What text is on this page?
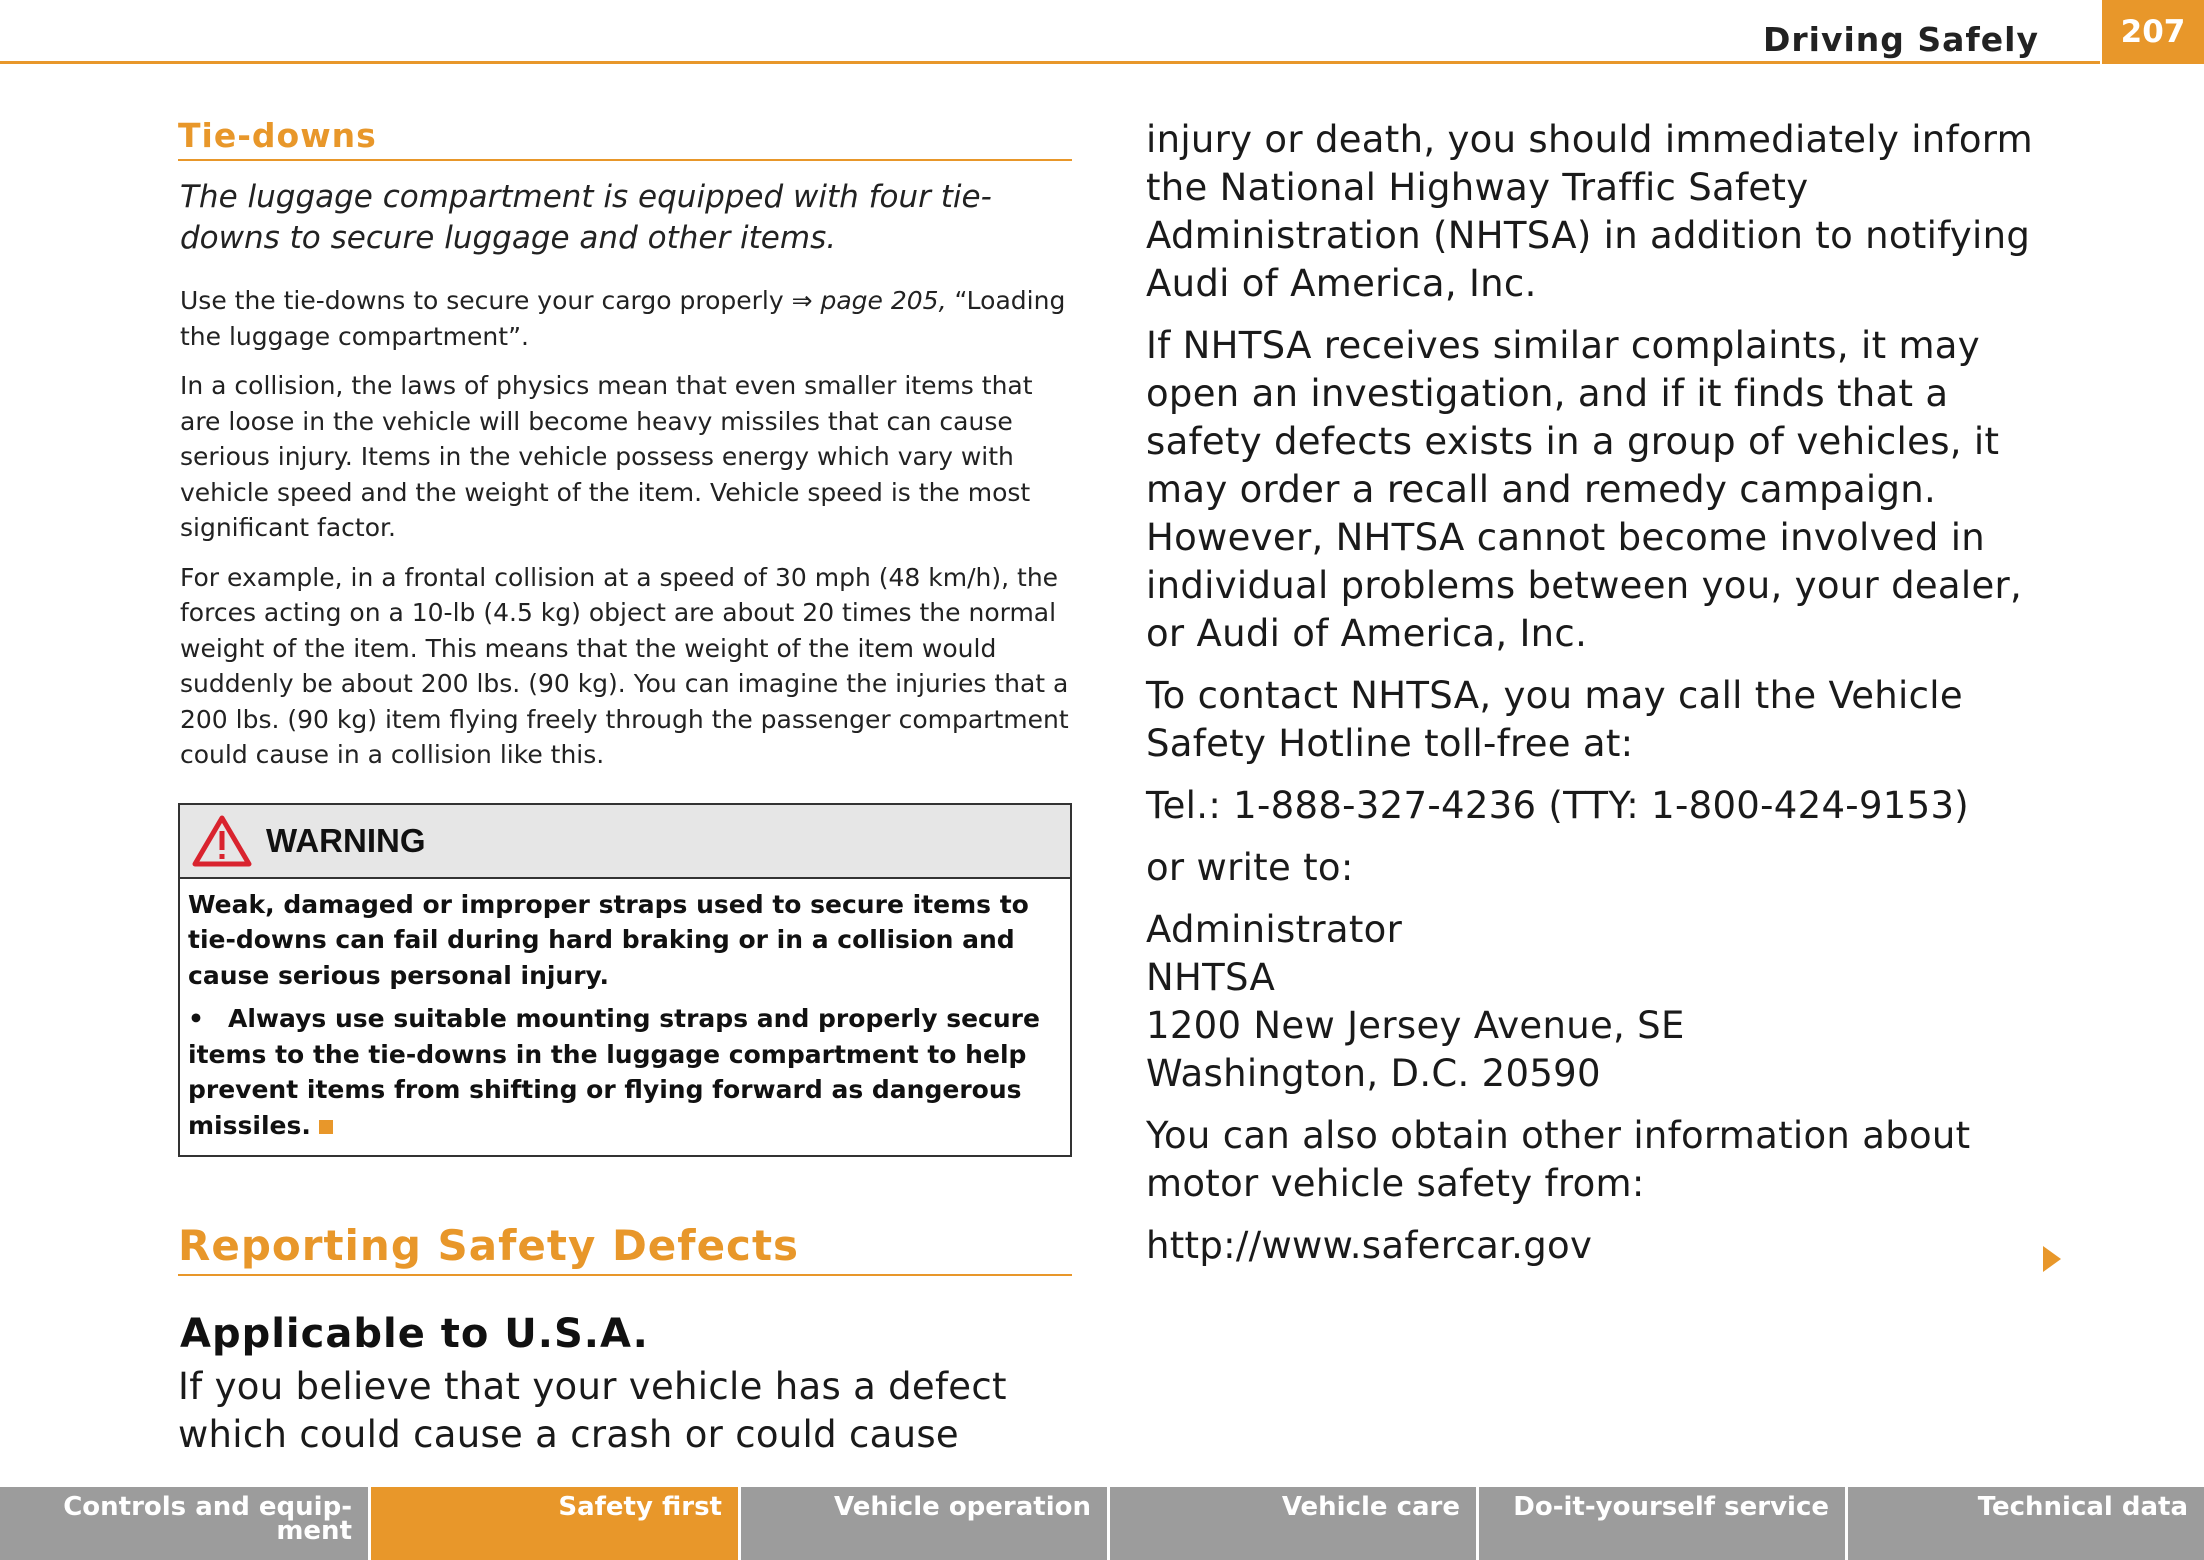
Driving Safely	207
Tie-downs

The luggage compartment is equipped with four tie-downs to secure luggage and other items.

Use the tie-downs to secure your cargo properly ⇒ page 205, “Loading the luggage compartment”.

In a collision, the laws of physics mean that even smaller items that are loose in the vehicle will become heavy missiles that can cause serious injury. Items in the vehicle possess energy which vary with vehicle speed and the weight of the item. Vehicle speed is the most significant factor.

For example, in a frontal collision at a speed of 30 mph (48 km/h), the forces acting on a 10-lb (4.5 kg) object are about 20 times the normal weight of the item. This means that the weight of the item would suddenly be about 200 lbs. (90 kg). You can imagine the injuries that a 200 lbs. (90 kg) item flying freely through the passenger compartment could cause in a collision like this.

WARNING

Weak, damaged or improper straps used to secure items to tie-downs can fail during hard braking or in a collision and cause serious personal injury.

• Always use suitable mounting straps and properly secure items to the tie-downs in the luggage compartment to help prevent items from shifting or flying forward as dangerous missiles.

Reporting Safety Defects
Applicable to U.S.A.

If you believe that your vehicle has a defect which could cause a crash or could cause

injury or death, you should immediately inform the National Highway Traffic Safety Administration (NHTSA) in addition to notifying Audi of America, Inc.

If NHTSA receives similar complaints, it may open an investigation, and if it finds that a safety defects exists in a group of vehicles, it may order a recall and remedy campaign. However, NHTSA cannot become involved in individual problems between you, your dealer, or Audi of America, Inc.

To contact NHTSA, you may call the Vehicle Safety Hotline toll-free at:

Tel.: 1-888-327-4236 (TTY: 1-800-424-9153)

or write to:

Administrator
NHTSA
1200 New Jersey Avenue, SE
Washington, D.C. 20590

You can also obtain other information about motor vehicle safety from:

http://www.safercar.gov

Controls and equip-ment
Safety first	Vehicle operation	Vehicle care	Do-it-yourself service	Technical data
